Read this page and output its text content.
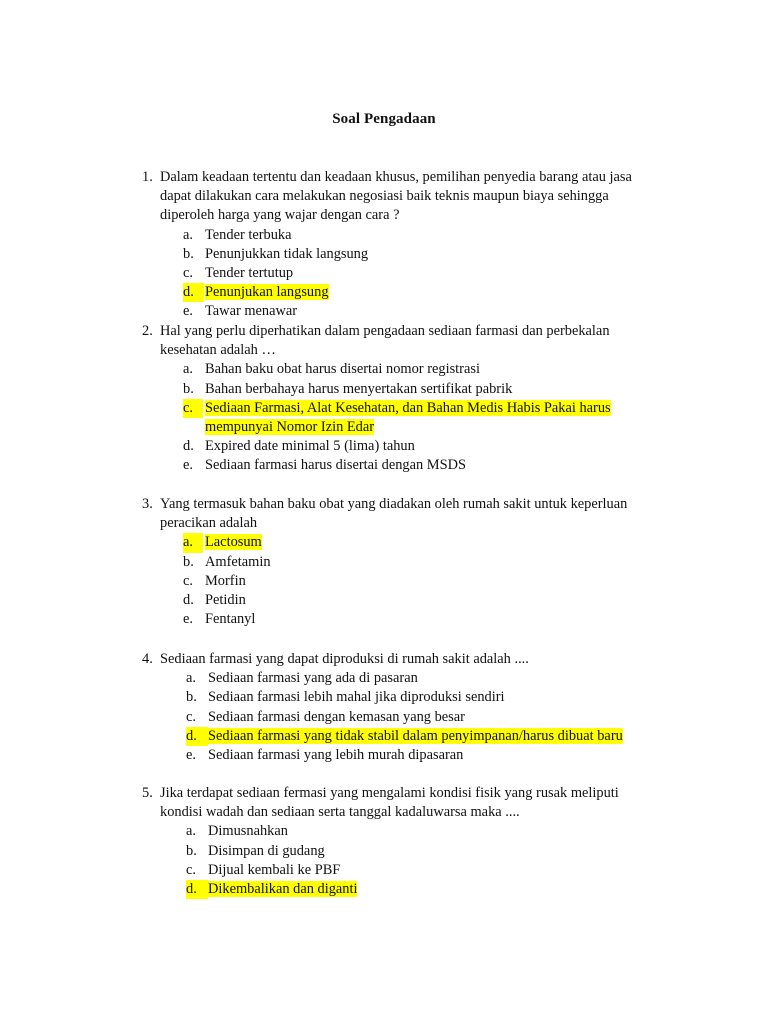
Soal Pengadaan
1. Dalam keadaan tertentu dan keadaan khusus, pemilihan penyedia barang atau jasa
dapat dilakukan cara melakukan negosiasi baik teknis maupun biaya sehingga
diperoleh harga yang wajar dengan cara ?
a. Tender terbuka
b. Penunjukkan tidak langsung
c. Tender tertutup
d. Penunjukan langsung
e. Tawar menawar
2. Hal yang perlu diperhatikan dalam pengadaan sediaan farmasi dan perbekalan
kesehatan adalah …
a. Bahan baku obat harus disertai nomor registrasi
b. Bahan berbahaya harus menyertakan sertifikat pabrik
c. Sediaan Farmasi, Alat Kesehatan, dan Bahan Medis Habis Pakai harus
mempunyai Nomor Izin Edar
d. Expired date minimal 5 (lima) tahun
e. Sediaan farmasi harus disertai dengan MSDS
3. Yang termasuk bahan baku obat yang diadakan oleh rumah sakit untuk keperluan
peracikan adalah
a. Lactosum
b. Amfetamin
c. Morfin
d. Petidin
e. Fentanyl
4. Sediaan farmasi yang dapat diproduksi di rumah sakit adalah ....
a. Sediaan farmasi yang ada di pasaran
b. Sediaan farmasi lebih mahal jika diproduksi sendiri
c. Sediaan farmasi dengan kemasan yang besar
d. Sediaan farmasi yang tidak stabil dalam penyimpanan/harus dibuat baru
e. Sediaan farmasi yang lebih murah dipasaran
5. Jika terdapat sediaan fermasi yang mengalami kondisi fisik yang rusak meliputi
kondisi wadah dan sediaan serta tanggal kadaluwarsa maka ....
a. Dimusnahkan
b. Disimpan di gudang
c. Dijual kembali ke PBF
d. Dikembalikan dan diganti
